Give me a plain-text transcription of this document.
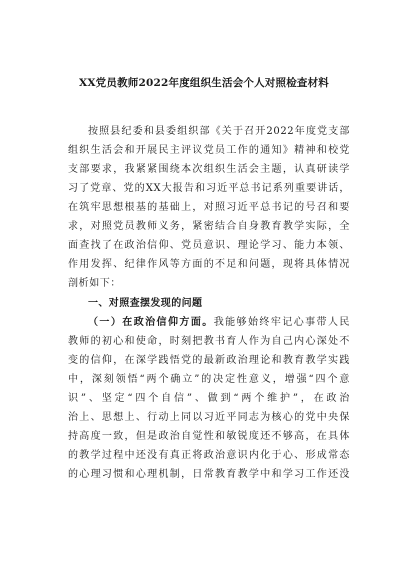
XX党员教师2022年度组织生活会个人对照检查材料
按照县纪委和县委组织部《关于召开2022年度党支部
组织生活会和开展民主评议党员工作的通知》精神和校党
支部要求，我紧紧围绕本次组织生活会主题，认真研读学
习了党章、党的XX大报告和习近平总书记系列重要讲话，
在筑牢思想根基的基础上，对照习近平总书记的号召和要
求，对照党员教师义务，紧密结合自身教育教学实际，全
面查找了在政治信仰、党员意识、理论学习、能力本领、
作用发挥、纪律作风等方面的不足和问题，现将具体情况
剖析如下：
一、对照查摆发现的问题
（一）在政治信仰方面。我能够始终牢记心事带人民
教师的初心和使命，时刻把教书育人作为自己内心深处不
变的信仰，在深学践悟党的最新政治理论和教育教学实践
中，深刻领悟“两个确立”的决定性意义，增强“四个意
识”、坚定“四个自信”、做到“两个维护”，在政治
治上、思想上、行动上同以习近平同志为核心的党中央保
持高度一致，但是政治自觉性和敏锐度还不够高，在具体
的教学过程中还没有真正将政治意识内化于心、形成常态
的心理习惯和心理机制，日常教育教学中和学习工作还没
